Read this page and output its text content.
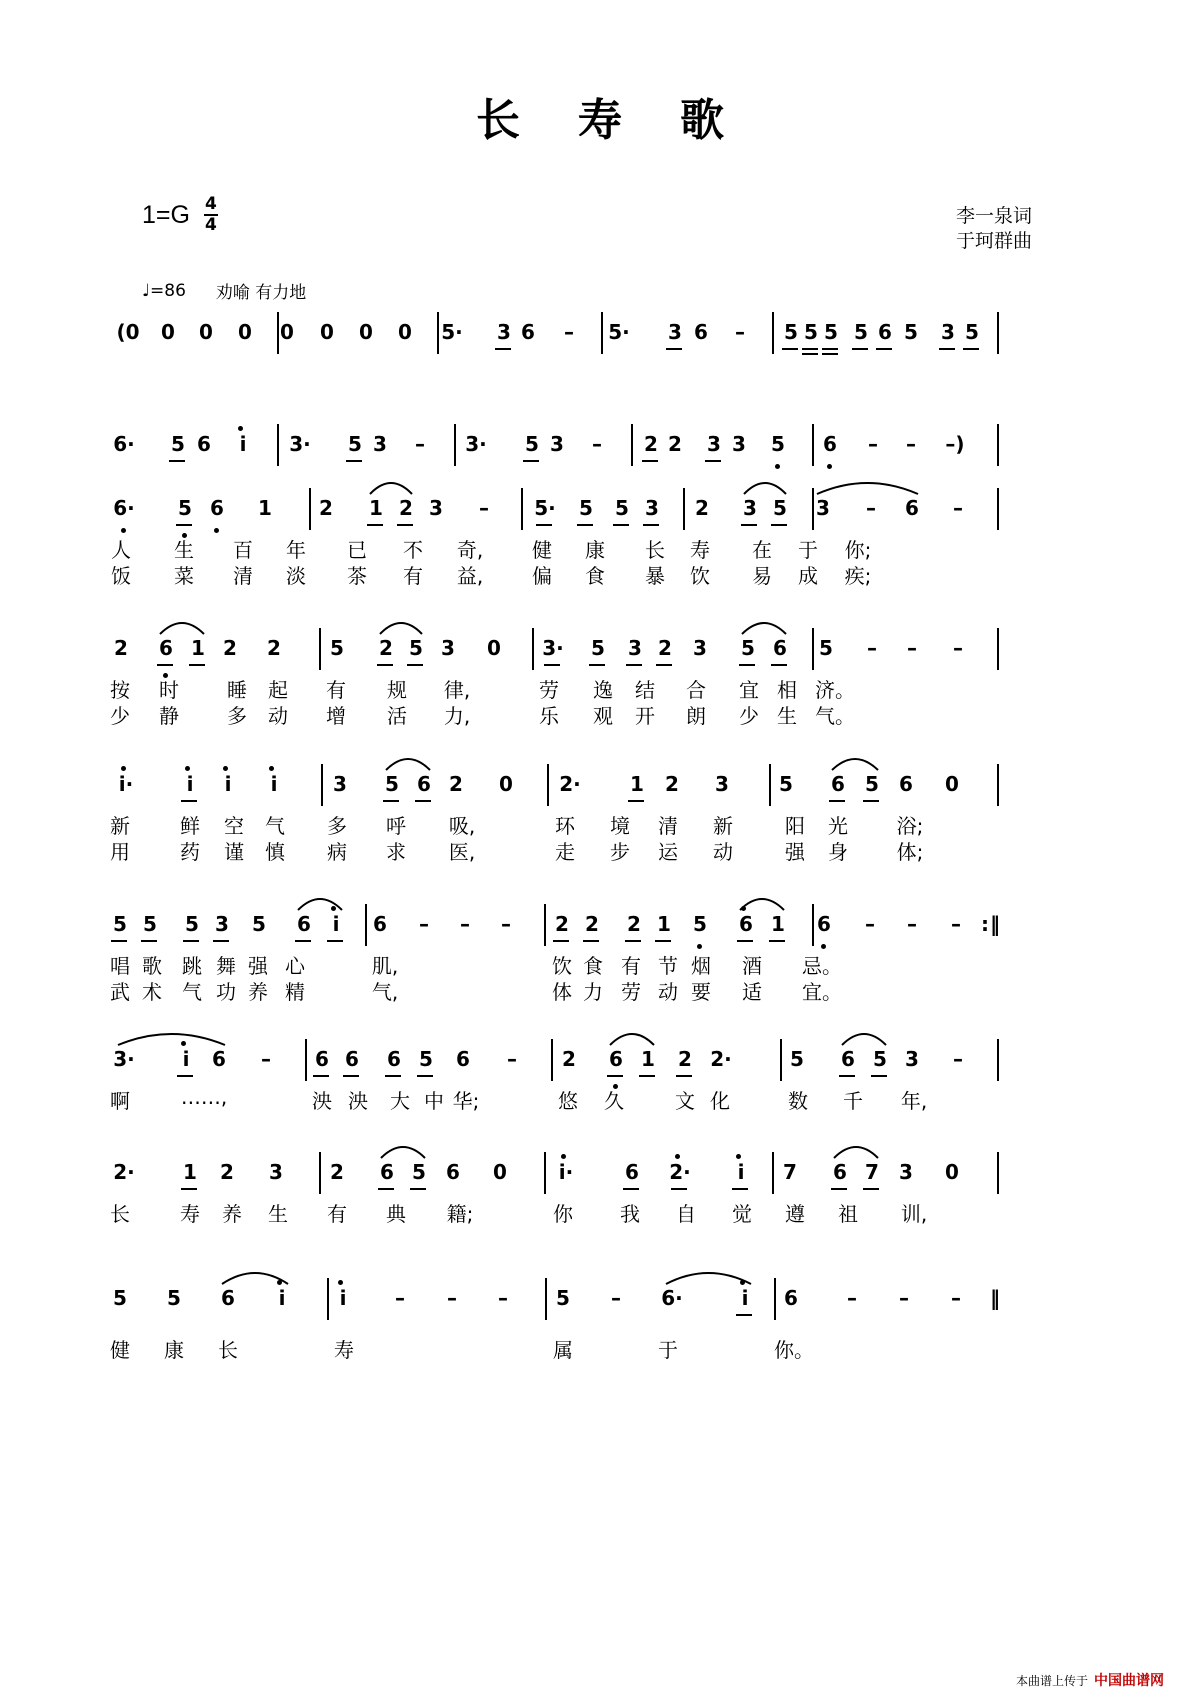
长寿歌
$1=G \frac{4}{4}$	李一泉词
于珂群曲
♩=86 劝喻 有力地
(0 0 0 0 0 0 0 0 5· 3 6 – 5· 3 6 – 5 5 5 5 6 5 3 5
6· 5 6 i 3· 5 3 – 3· 5 3 – 2 2 3 3 5 6 – – –)
6· 5 6 1 2 1 2 3 – 5· 5 5 3 2 3 5 3 – 6 –
人 生 百 年 已 不 奇, 健 康 长 寿 在 于 你;
饭 菜 清 淡 茶 有 益, 偏 食 暴 饮 易 成 疾;
2 6 1 2 2 5 2 5 3 0 3· 5 3 2 3 5 6 5 – – –
按 时 睡 起 有 规 律,	劳 逸 结 合 宜 相 济。
少 静 多 动 增 活 力,	乐 观 开 朗 少 生 气。
i·	i i i	3 5 6 2 0 2· 1 2 3	5 6 5 6 0
新	鲜 空 气 多 呼 吸,	环 境 清 新	阳 光 浴;
用	药 谨 慎 病 求 医,	走 步 运 动	强 身 体;
5 5 5 3 5 6 i 6 – – – 2 2 2 1 5 6 1 6 – – – : ‖
唱 歌 跳 舞 强 心	肌,	饮 食 有 节 烟 酒 忌。
武 术 气 功 养 精	气,	体 力 劳 动 要 适 宜。
3· i 6 – 6 6 6 5 6 – 2 6 1 2 2·	5 6 5 3 –
啊	……,	泱 泱 大 中 华;	悠 久	文 化	数 千 年,
2· 1 2 3 2 6 5 6 0	i·	6 2· i 7 6 7 3 0
长	寿 养 生 有 典 籍;	你 我 自 觉 遵 祖 训,
5 5 6 i	i – – – 5 – 6·	i 6 – – – ‖
健 康 长	寿	属	于	你。
本曲谱上传于 中国曲谱网
